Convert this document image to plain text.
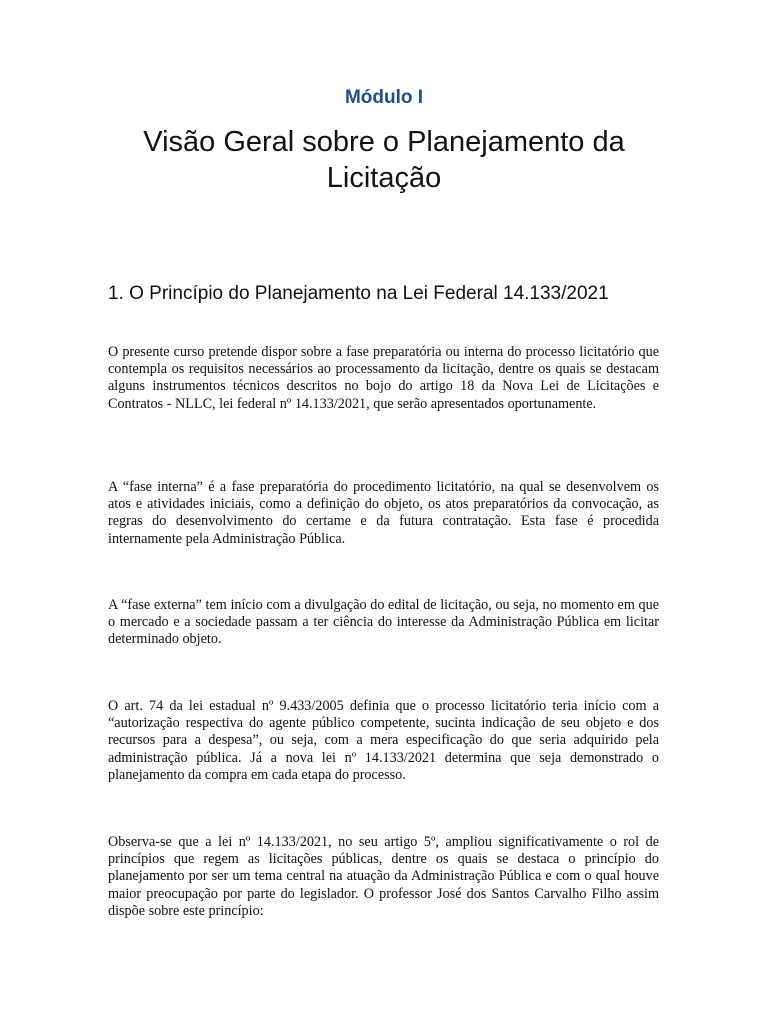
Módulo I
Visão Geral sobre o Planejamento da Licitação
1. O Princípio do Planejamento na Lei Federal 14.133/2021

O presente curso pretende dispor sobre a fase preparatória ou interna do processo licitatório que contempla os requisitos necessários ao processamento da licitação, dentre os quais se destacam alguns instrumentos técnicos descritos no bojo do artigo 18 da Nova Lei de Licitações e Contratos - NLLC, lei federal nº 14.133/2021, que serão apresentados oportunamente.

A “fase interna” é a fase preparatória do procedimento licitatório, na qual se desenvolvem os atos e atividades iniciais, como a definição do objeto, os atos preparatórios da convocação, as regras do desenvolvimento do certame e da futura contratação. Esta fase é procedida internamente pela Administração Pública.

A “fase externa” tem início com a divulgação do edital de licitação, ou seja, no momento em que o mercado e a sociedade passam a ter ciência do interesse da Administração Pública em licitar determinado objeto.

O art. 74 da lei estadual nº 9.433/2005 definia que o processo licitatório teria início com a “autorização respectiva do agente público competente, sucinta indicação de seu objeto e dos recursos para a despesa”, ou seja, com a mera especificação do que seria adquirido pela administração pública. Já a nova lei nº 14.133/2021 determina que seja demonstrado o planejamento da compra em cada etapa do processo.

Observa-se que a lei nº 14.133/2021, no seu artigo 5º, ampliou significativamente o rol de princípios que regem as licitações públicas, dentre os quais se destaca o princípio do planejamento por ser um tema central na atuação da Administração Pública e com o qual houve maior preocupação por parte do legislador. O professor José dos Santos Carvalho Filho assim dispõe sobre este princípio:
